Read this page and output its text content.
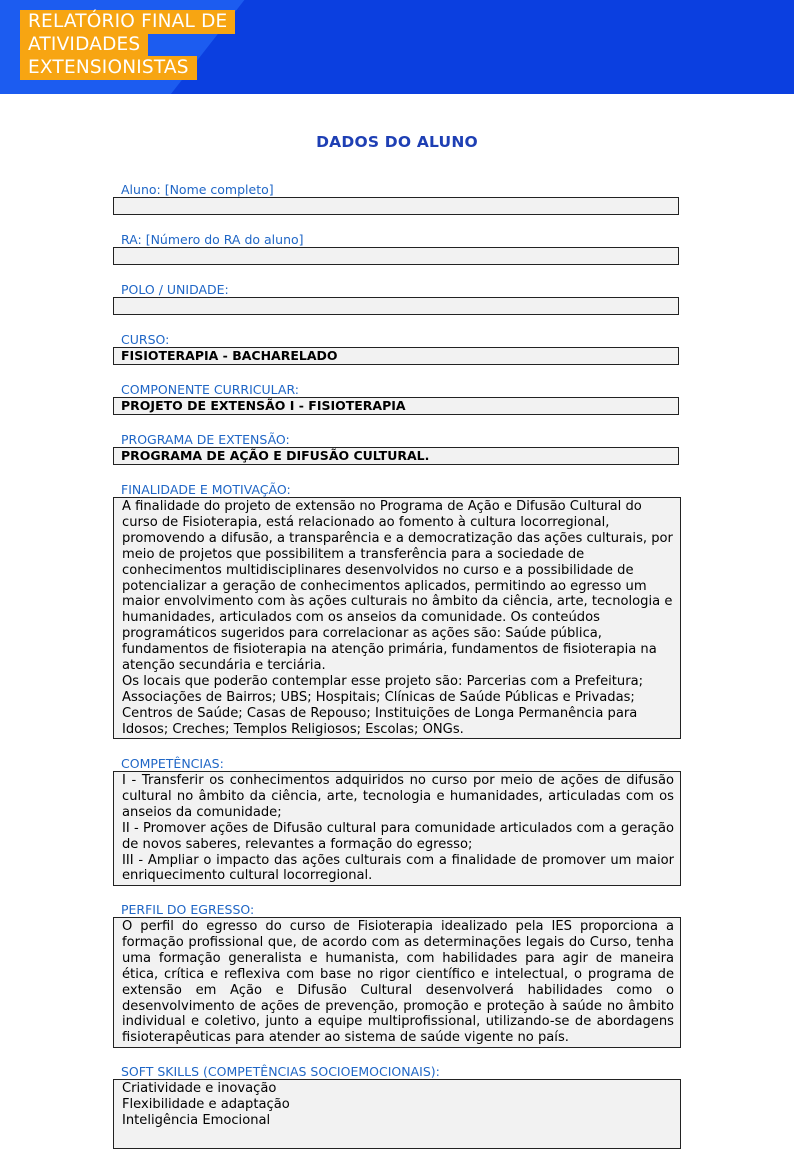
RELATÓRIO FINAL DE
ATIVIDADES
EXTENSIONISTAS
DADOS DO ALUNO
Aluno: [Nome completo]
RA: [Número do RA do aluno]
POLO / UNIDADE:
CURSO:
FISIOTERAPIA - BACHARELADO
COMPONENTE CURRICULAR:
PROJETO DE EXTENSÃO I - FISIOTERAPIA
PROGRAMA DE EXTENSÃO:
PROGRAMA DE AÇÃO E DIFUSÃO CULTURAL.
FINALIDADE E MOTIVAÇÃO:

A finalidade do projeto de extensão no Programa de Ação e Difusão Cultural do curso de Fisioterapia, está relacionado ao fomento à cultura locorregional, promovendo a difusão, a transparência e a democratização das ações culturais, por meio de projetos que possibilitem a transferência para a sociedade de conhecimentos multidisciplinares desenvolvidos no curso e a possibilidade de potencializar a geração de conhecimentos aplicados, permitindo ao egresso um maior envolvimento com às ações culturais no âmbito da ciência, arte, tecnologia e humanidades, articulados com os anseios da comunidade. Os conteúdos programáticos sugeridos para correlacionar as ações são: Saúde pública, fundamentos de fisioterapia na atenção primária, fundamentos de fisioterapia na atenção secundária e terciária.

Os locais que poderão contemplar esse projeto são: Parcerias com a Prefeitura; Associações de Bairros; UBS; Hospitais; Clínicas de Saúde Públicas e Privadas; Centros de Saúde; Casas de Repouso; Instituições de Longa Permanência para Idosos; Creches; Templos Religiosos; Escolas; ONGs.

COMPETÊNCIAS:

I - Transferir os conhecimentos adquiridos no curso por meio de ações de difusão cultural no âmbito da ciência, arte, tecnologia e humanidades, articuladas com os anseios da comunidade;

II - Promover ações de Difusão cultural para comunidade articulados com a geração de novos saberes, relevantes a formação do egresso;

III - Ampliar o impacto das ações culturais com a finalidade de promover um maior enriquecimento cultural locorregional.

PERFIL DO EGRESSO:

O perfil do egresso do curso de Fisioterapia idealizado pela IES proporciona a formação profissional que, de acordo com as determinações legais do Curso, tenha uma formação generalista e humanista, com habilidades para agir de maneira ética, crítica e reflexiva com base no rigor científico e intelectual, o programa de extensão em Ação e Difusão Cultural desenvolverá habilidades como o desenvolvimento de ações de prevenção, promoção e proteção à saúde no âmbito individual e coletivo, junto a equipe multiprofissional, utilizando-se de abordagens fisioterapêuticas para atender ao sistema de saúde vigente no país.

SOFT SKILLS (COMPETÊNCIAS SOCIOEMOCIONAIS):

Criatividade e inovação

Flexibilidade e adaptação

Inteligência Emocional
